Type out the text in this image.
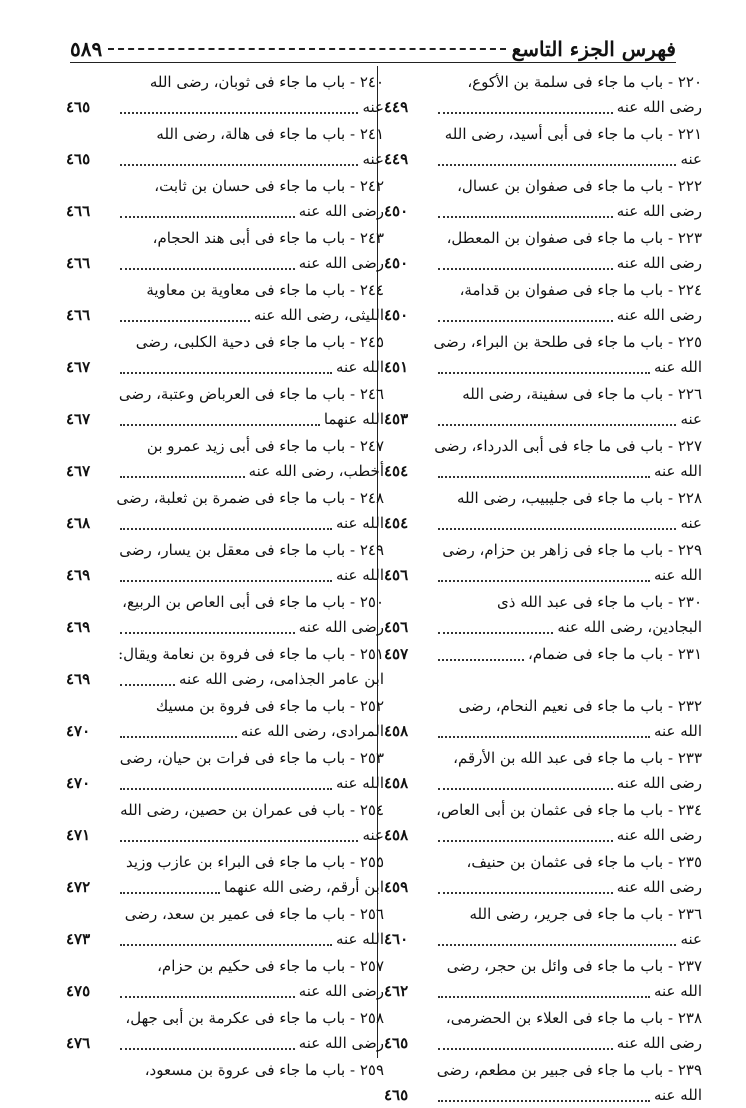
٥٨٩	فهرس الجزء التاسع
٢٢٠ - باب ما جاء فى سلمة بن الأكوع،
رضى الله عنه
٤٤٩
٢٢١ - باب ما جاء فى أبى أسيد، رضى الله
عنه
٤٤٩
٢٢٢ - باب ما جاء فى صفوان بن عسال،
رضى الله عنه
٤٥٠
٢٢٣ - باب ما جاء فى صفوان بن المعطل،
رضى الله عنه
٤٥٠
٢٢٤ - باب ما جاء فى صفوان بن قدامة،
رضى الله عنه
٤٥٠
٢٢٥ - باب ما جاء فى طلحة بن البراء، رضى
الله عنه
٤٥١
٢٢٦ - باب ما جاء فى سفينة، رضى الله
عنه
٤٥٣
٢٢٧ - باب فى ما جاء فى أبى الدرداء، رضى
الله عنه
٤٥٤
٢٢٨ - باب ما جاء فى جليبيب، رضى الله
عنه
٤٥٤
٢٢٩ - باب ما جاء فى زاهر بن حزام، رضى
الله عنه
٤٥٦
٢٣٠ - باب ما جاء فى عبد الله ذى
البجادين، رضى الله عنه
٤٥٦
٢٣١ - باب ما جاء فى ضمام،
٤٥٧
٢٣٢ - باب ما جاء فى نعيم النحام، رضى
الله عنه
٤٥٨
٢٣٣ - باب ما جاء فى عبد الله بن الأرقم،
رضى الله عنه
٤٥٨
٢٣٤ - باب ما جاء فى عثمان بن أبى العاص،
رضى الله عنه
٤٥٨
٢٣٥ - باب ما جاء فى عثمان بن حنيف،
رضى الله عنه
٤٥٩
٢٣٦ - باب ما جاء فى جرير، رضى الله
عنه
٤٦٠
٢٣٧ - باب ما جاء فى وائل بن حجر، رضى
الله عنه
٤٦٢
٢٣٨ - باب ما جاء فى العلاء بن الحضرمى،
رضى الله عنه
٤٦٥
٢٣٩ - باب ما جاء فى جبير بن مطعم، رضى
الله عنه
٤٦٥
٢٤٠ - باب ما جاء فى ثوبان، رضى الله
عنه
٤٦٥
٢٤١ - باب ما جاء فى هالة، رضى الله
عنه
٤٦٥
٢٤٢ - باب ما جاء فى حسان بن ثابت،
رضى الله عنه
٤٦٦
٢٤٣ - باب ما جاء فى أبى هند الحجام،
رضى الله عنه
٤٦٦
٢٤٤ - باب ما جاء فى معاوية بن معاوية
الليثى، رضى الله عنه
٤٦٦
٢٤٥ - باب ما جاء فى دحية الكلبى، رضى
الله عنه
٤٦٧
٢٤٦ - باب ما جاء فى العرباض وعتبة، رضى
الله عنهما
٤٦٧
٢٤٧ - باب ما جاء فى أبى زيد عمرو بن
أخطب، رضى الله عنه
٤٦٧
٢٤٨ - باب ما جاء فى ضمرة بن ثعلبة، رضى
الله عنه
٤٦٨
٢٤٩ - باب ما جاء فى معقل بن يسار، رضى
الله عنه
٤٦٩
٢٥٠ - باب ما جاء فى أبى العاص بن الربيع،
رضى الله عنه
٤٦٩
٢٥١ - باب ما جاء فى فروة بن نعامة ويقال:
ابن عامر الجذامى، رضى الله عنه
٤٦٩
٢٥٢ - باب ما جاء فى فروة بن مسيك
المرادى، رضى الله عنه
٤٧٠
٢٥٣ - باب ما جاء فى فرات بن حيان، رضى
الله عنه
٤٧٠
٢٥٤ - باب فى عمران بن حصين، رضى الله
عنه
٤٧١
٢٥٥ - باب ما جاء فى البراء بن عازب وزيد
ابن أرقم، رضى الله عنهما
٤٧٢
٢٥٦ - باب ما جاء فى عمير بن سعد، رضى
الله عنه
٤٧٣
٢٥٧ - باب ما جاء فى حكيم بن حزام،
رضى الله عنه
٤٧٥
٢٥٨ - باب ما جاء فى عكرمة بن أبى جهل،
رضى الله عنه
٤٧٦
٢٥٩ - باب ما جاء فى عروة بن مسعود،
